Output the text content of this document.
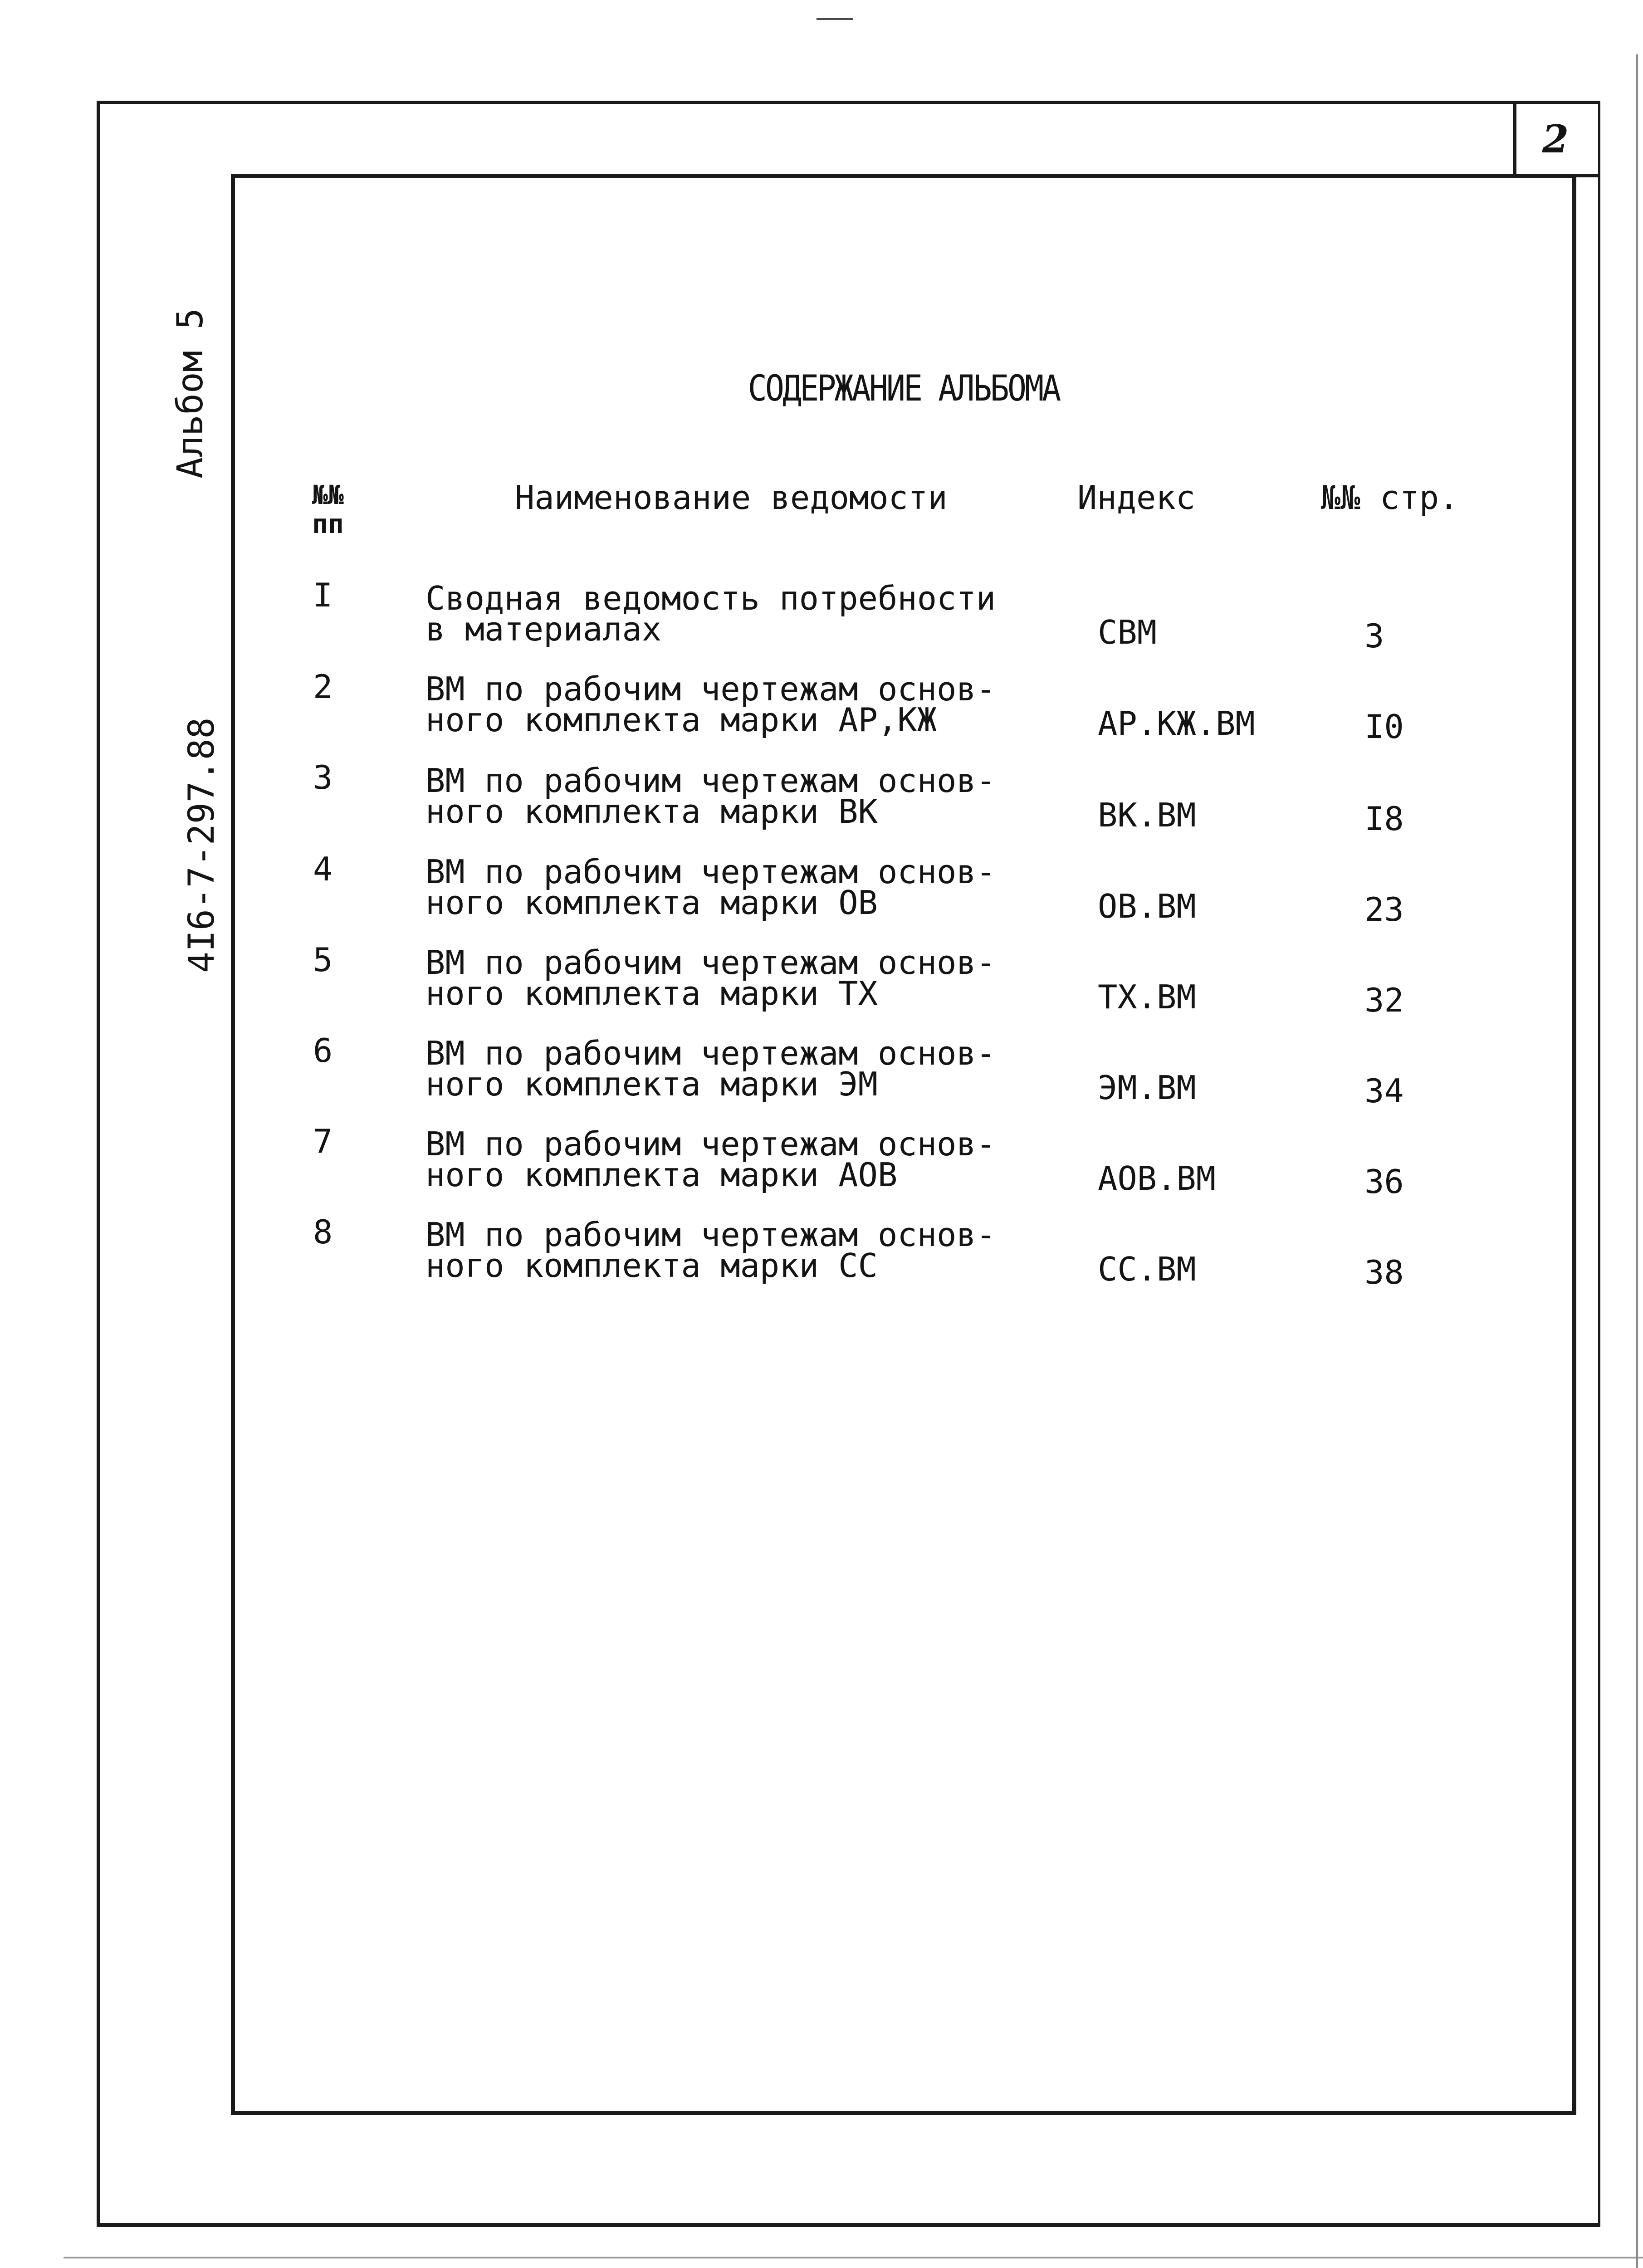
2
Альбом 5
4I6-7-297.88
СОДЕРЖАНИЕ АЛЬБОМА
№№
пп
Наименование ведомости	Индекс	№№ стр.
I	Сводная ведомость потребности
в материалах	СВМ	3
2	ВМ по рабочим чертежам основ-
ного комплекта марки АР,КЖ	АР.КЖ.ВМ	I0
3	ВМ по рабочим чертежам основ-
ного комплекта марки ВК	ВК.ВМ	I8
4	ВМ по рабочим чертежам основ-
ного комплекта марки ОВ	ОВ.ВМ	23
5	ВМ по рабочим чертежам основ-
ного комплекта марки ТХ	ТХ.ВМ	32
6	ВМ по рабочим чертежам основ-
ного комплекта марки ЭМ	ЭМ.ВМ	34
7	ВМ по рабочим чертежам основ-
ного комплекта марки АОВ	АОВ.ВМ	36
8	ВМ по рабочим чертежам основ-
ного комплекта марки СС	СС.ВМ	38
